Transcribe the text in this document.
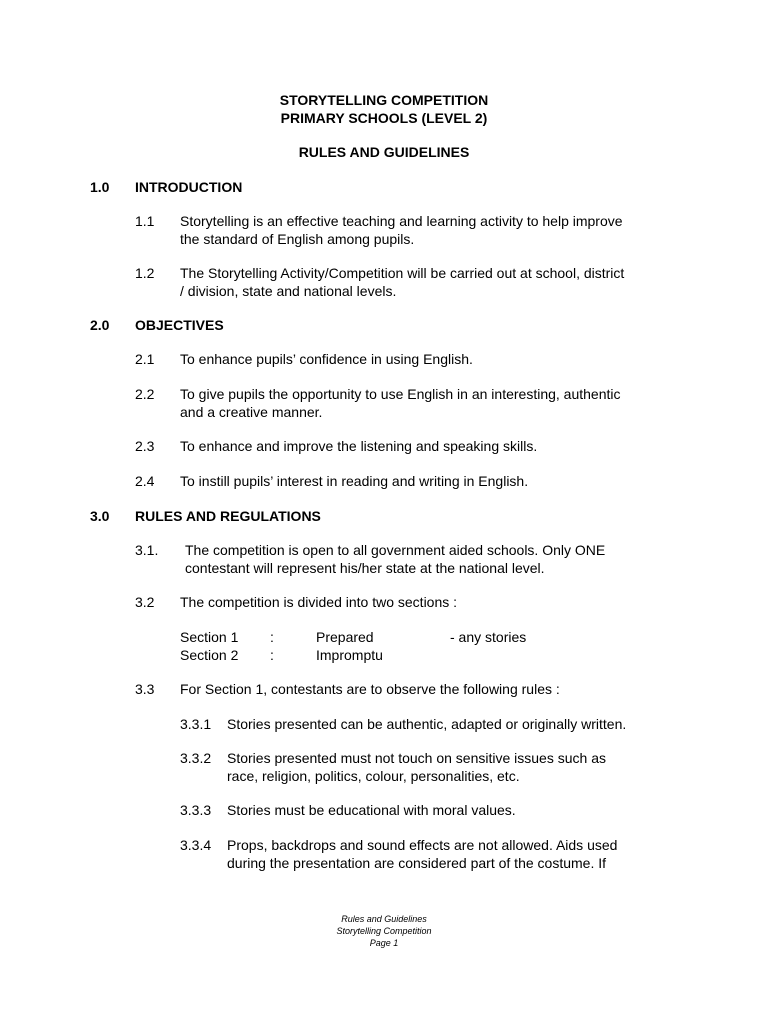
STORYTELLING COMPETITION
PRIMARY SCHOOLS (LEVEL 2)
RULES AND GUIDELINES
1.0 INTRODUCTION
1.1 Storytelling is an effective teaching and learning activity to help improve
the standard of English among pupils.
1.2 The Storytelling Activity/Competition will be carried out at school, district
/ division, state and national levels.
2.0 OBJECTIVES
2.1 To enhance pupils’ confidence in using English.
2.2 To give pupils the opportunity to use English in an interesting, authentic
and a creative manner.
2.3 To enhance and improve the listening and speaking skills.
2.4 To instill pupils’ interest in reading and writing in English.
3.0 RULES AND REGULATIONS
3.1. The competition is open to all government aided schools. Only ONE
contestant will represent his/her state at the national level.
3.2 The competition is divided into two sections :
Section 1 :	Prepared	- any stories
Section 2 :	Impromptu
3.3 For Section 1, contestants are to observe the following rules :
3.3.1 Stories presented can be authentic, adapted or originally written.
3.3.2 Stories presented must not touch on sensitive issues such as
race, religion, politics, colour, personalities, etc.
3.3.3 Stories must be educational with moral values.
3.3.4 Props, backdrops and sound effects are not allowed. Aids used
during the presentation are considered part of the costume. If
Rules and Guidelines
Storytelling Competition
Page 1
